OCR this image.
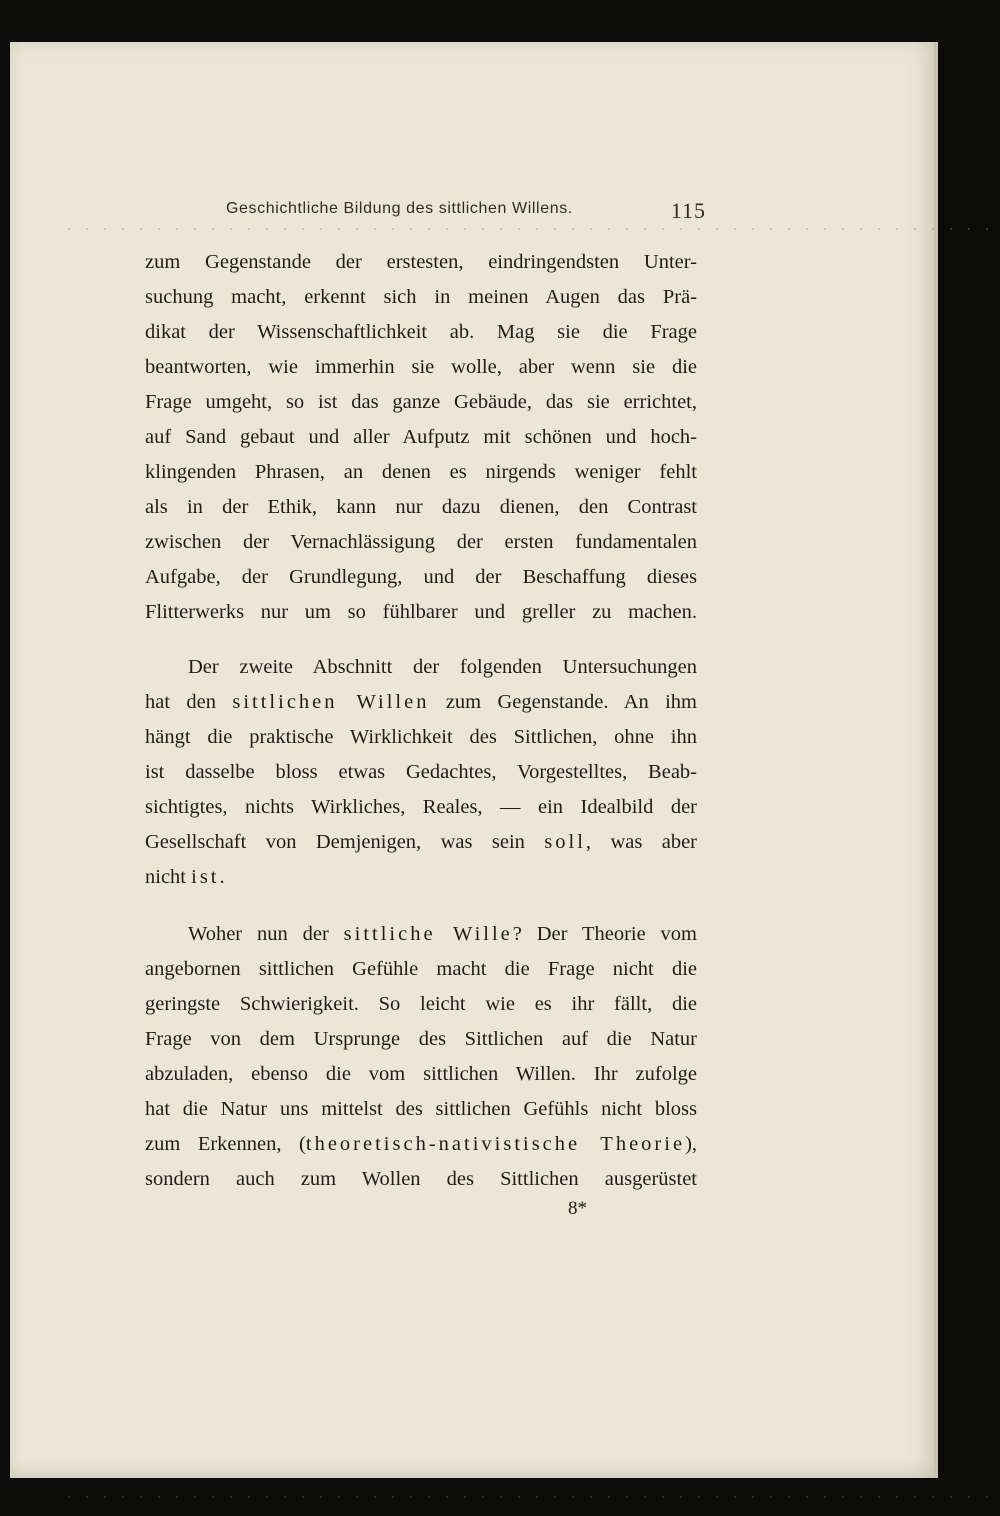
Geschichtliche Bildung des sittlichen Willens.	115
zum Gegenstande der erstesten, eindringendsten Unter-
suchung macht, erkennt sich in meinen Augen das Prä-
dikat der Wissenschaftlichkeit ab. Mag sie die Frage
beantworten, wie immerhin sie wolle, aber wenn sie die
Frage umgeht, so ist das ganze Gebäude, das sie errichtet,
auf Sand gebaut und aller Aufputz mit schönen und hoch-
klingenden Phrasen, an denen es nirgends weniger fehlt
als in der Ethik, kann nur dazu dienen, den Contrast
zwischen der Vernachlässigung der ersten fundamentalen
Aufgabe, der Grundlegung, und der Beschaffung dieses
Flitterwerks nur um so fühlbarer und greller zu machen.
Der zweite Abschnitt der folgenden Untersuchungen
hat den sittlichen Willen zum Gegenstande. An ihm
hängt die praktische Wirklichkeit des Sittlichen, ohne ihn
ist dasselbe bloss etwas Gedachtes, Vorgestelltes, Beab-
sichtigtes, nichts Wirkliches, Reales, — ein Idealbild der
Gesellschaft von Demjenigen, was sein soll, was aber
nicht ist.
Woher nun der sittliche Wille? Der Theorie vom
angebornen sittlichen Gefühle macht die Frage nicht die
geringste Schwierigkeit. So leicht wie es ihr fällt, die
Frage von dem Ursprunge des Sittlichen auf die Natur
abzuladen, ebenso die vom sittlichen Willen. Ihr zufolge
hat die Natur uns mittelst des sittlichen Gefühls nicht bloss
zum Erkennen, (theoretisch-nativistische Theorie),
sondern auch zum Wollen des Sittlichen ausgerüstet
8*
